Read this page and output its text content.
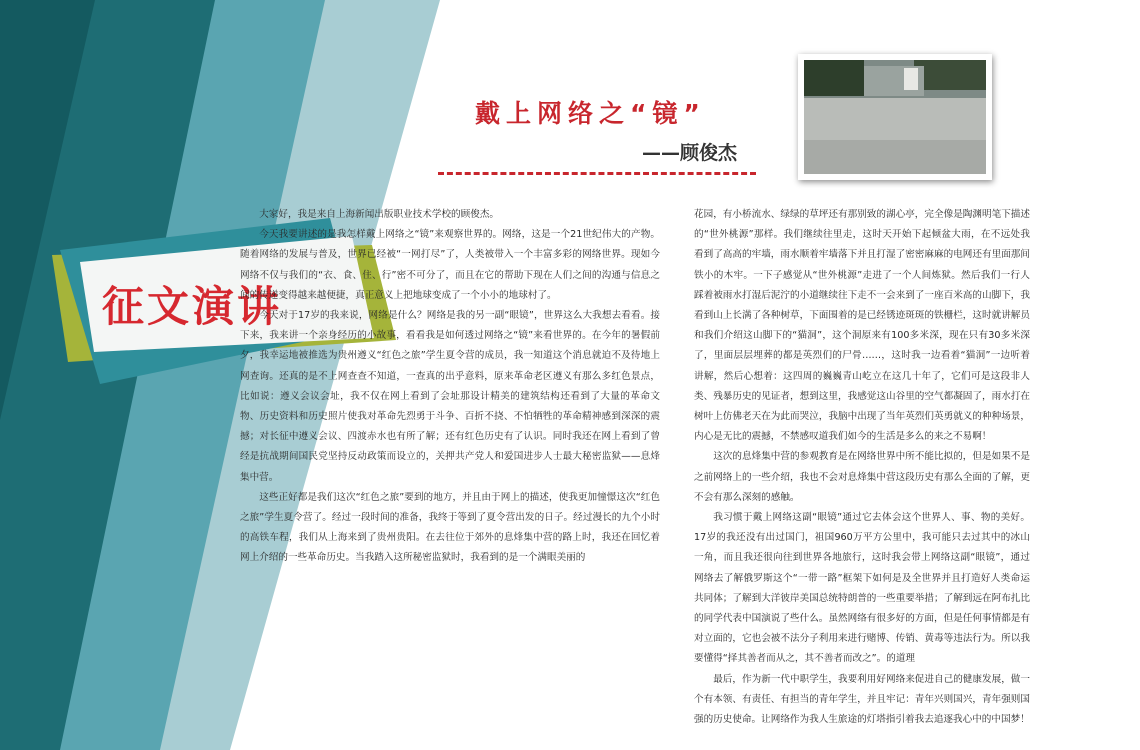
戴上网络之“镜”
——顾俊杰
征文演讲

大家好，我是来自上海新闻出版职业技术学校的顾俊杰。

今天我要讲述的是我怎样戴上网络之“镜”来观察世界的。网络，这是一个21世纪伟大的产物。随着网络的发展与普及，世界已经被“一网打尽”了，人类被带入一个丰富多彩的网络世界。现如今网络不仅与我们的“衣、食、住、行”密不可分了，而且在它的帮助下现在人们之间的沟通与信息之间的传递变得越来越便捷，真正意义上把地球变成了一个小小的地球村了。

今天对于17岁的我来说，网络是什么？网络是我的另一副“眼镜”，世界这么大我想去看看。接下来，我来讲一个亲身经历的小故事，看看我是如何透过网络之“镜”来看世界的。在今年的暑假前夕，我幸运地被推选为贵州遵义“红色之旅”学生夏令营的成员，我一知道这个消息就迫不及待地上网查询。还真的是不上网查查不知道，一查真的出乎意料，原来革命老区遵义有那么多红色景点，比如说：遵义会议会址，我不仅在网上看到了会址那设计精美的建筑结构还看到了大量的革命文物、历史资料和历史照片使我对革命先烈勇于斗争、百折不挠、不怕牺牲的革命精神感到深深的震撼；对长征中遵义会议、四渡赤水也有所了解；还有红色历史有了认识。同时我还在网上看到了曾经是抗战期间国民党坚持反动政策而设立的，关押共产党人和爱国进步人士最大秘密监狱——息烽集中营。

这些正好都是我们这次“红色之旅”要到的地方，并且由于网上的描述，使我更加憧憬这次“红色之旅”学生夏令营了。经过一段时间的准备，我终于等到了夏令营出发的日子。经过漫长的九个小时的高铁车程，我们从上海来到了贵州贵阳。在去往位于郊外的息烽集中营的路上时，我还在回忆着网上介绍的一些革命历史。当我踏入这所秘密监狱时，我看到的是一个满眼美丽的

花园，有小桥流水、绿绿的草坪还有那别致的湖心亭，完全像是陶渊明笔下描述的“世外桃源”那样。我们继续往里走，这时天开始下起倾盆大雨，在不远处我看到了高高的牢墙，雨水顺着牢墙落下并且打湿了密密麻麻的电网还有里面那间铁小的木牢。一下子感觉从“世外桃源”走进了一个人间炼狱。然后我们一行人踩着被雨水打湿后泥泞的小道继续往下走不一会来到了一座百米高的山脚下，我看到山上长满了各种树草，下面围着的是已经锈迹斑斑的铁栅栏，这时就讲解员和我们介绍这山脚下的“猫洞”，这个洞原来有100多米深，现在只有30多米深了，里面层层埋葬的都是英烈们的尸骨……，这时我一边看着“猫洞”一边听着讲解，然后心想着：这四周的巍巍青山屹立在这几十年了，它们可是这段非人类、残暴历史的见证者，想到这里，我感觉这山谷里的空气都凝固了，雨水打在树叶上仿佛老天在为此而哭泣，我脑中出现了当年英烈们英勇就义的种种场景，内心是无比的震撼，不禁感叹道我们如今的生活是多么的来之不易啊！

这次的息烽集中营的参观教育是在网络世界中所不能比拟的，但是如果不是之前网络上的一些介绍，我也不会对息烽集中营这段历史有那么全面的了解，更不会有那么深刻的感触。

我习惯于戴上网络这副“眼镜”通过它去体会这个世界人、事、物的美好。17岁的我还没有出过国门，祖国960万平方公里中，我可能只去过其中的冰山一角，而且我还很向往到世界各地旅行，这时我会带上网络这副“眼镜”，通过网络去了解俄罗斯这个“一带一路”框架下如何是及全世界并且打造好人类命运共同体；了解到大洋彼岸美国总统特朗普的一些重要举措；了解到远在阿布扎比的同学代表中国演说了些什么。虽然网络有很多好的方面，但是任何事情都是有对立面的，它也会被不法分子利用来进行赌博、传销、黄毒等违法行为。所以我要懂得“择其善者而从之，其不善者而改之”。的道理

最后，作为新一代中职学生，我要利用好网络来促进自己的健康发展，做一个有本领、有责任、有担当的青年学生，并且牢记：青年兴则国兴，青年强则国强的历史使命。让网络作为我人生旅途的灯塔指引着我去追逐我心中的中国梦！
